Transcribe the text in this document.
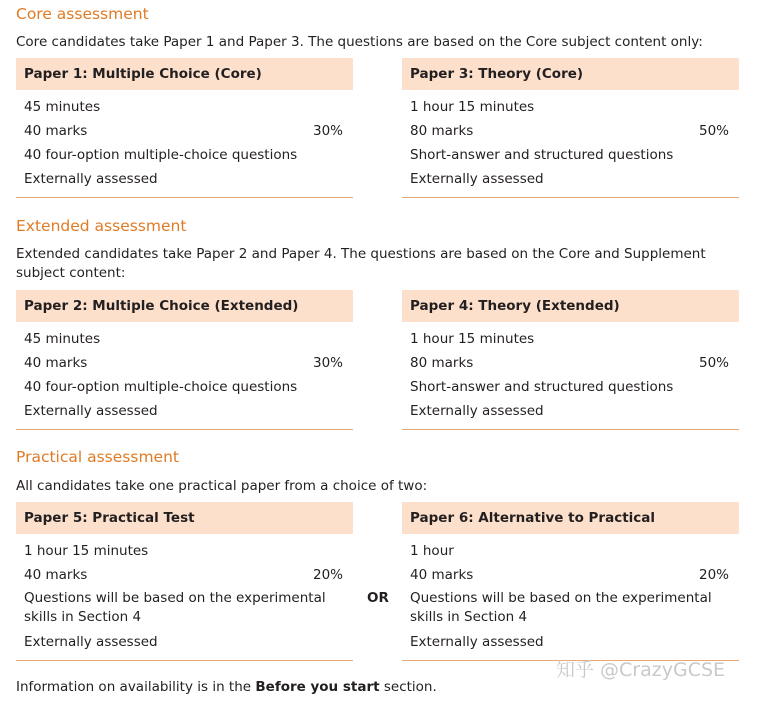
Core assessment
Core candidates take Paper 1 and Paper 3. The questions are based on the Core subject content only:
Paper 1: Multiple Choice (Core)
45 minutes
40 marks	30%
40 four-option multiple-choice questions
Externally assessed
Paper 3: Theory (Core)
1 hour 15 minutes
80 marks	50%
Short-answer and structured questions
Externally assessed
Extended assessment
Extended candidates take Paper 2 and Paper 4. The questions are based on the Core and Supplement subject content:
Paper 2: Multiple Choice (Extended)
45 minutes
40 marks	30%
40 four-option multiple-choice questions
Externally assessed
Paper 4: Theory (Extended)
1 hour 15 minutes
80 marks	50%
Short-answer and structured questions
Externally assessed
Practical assessment
All candidates take one practical paper from a choice of two:
Paper 5: Practical Test
1 hour 15 minutes
40 marks	20%
Questions will be based on the experimental skills in Section 4
Externally assessed
OR
Paper 6: Alternative to Practical
1 hour
40 marks	20%
Questions will be based on the experimental skills in Section 4
Externally assessed
Information on availability is in the Before you start section.
知乎 @CrazyGCSE
